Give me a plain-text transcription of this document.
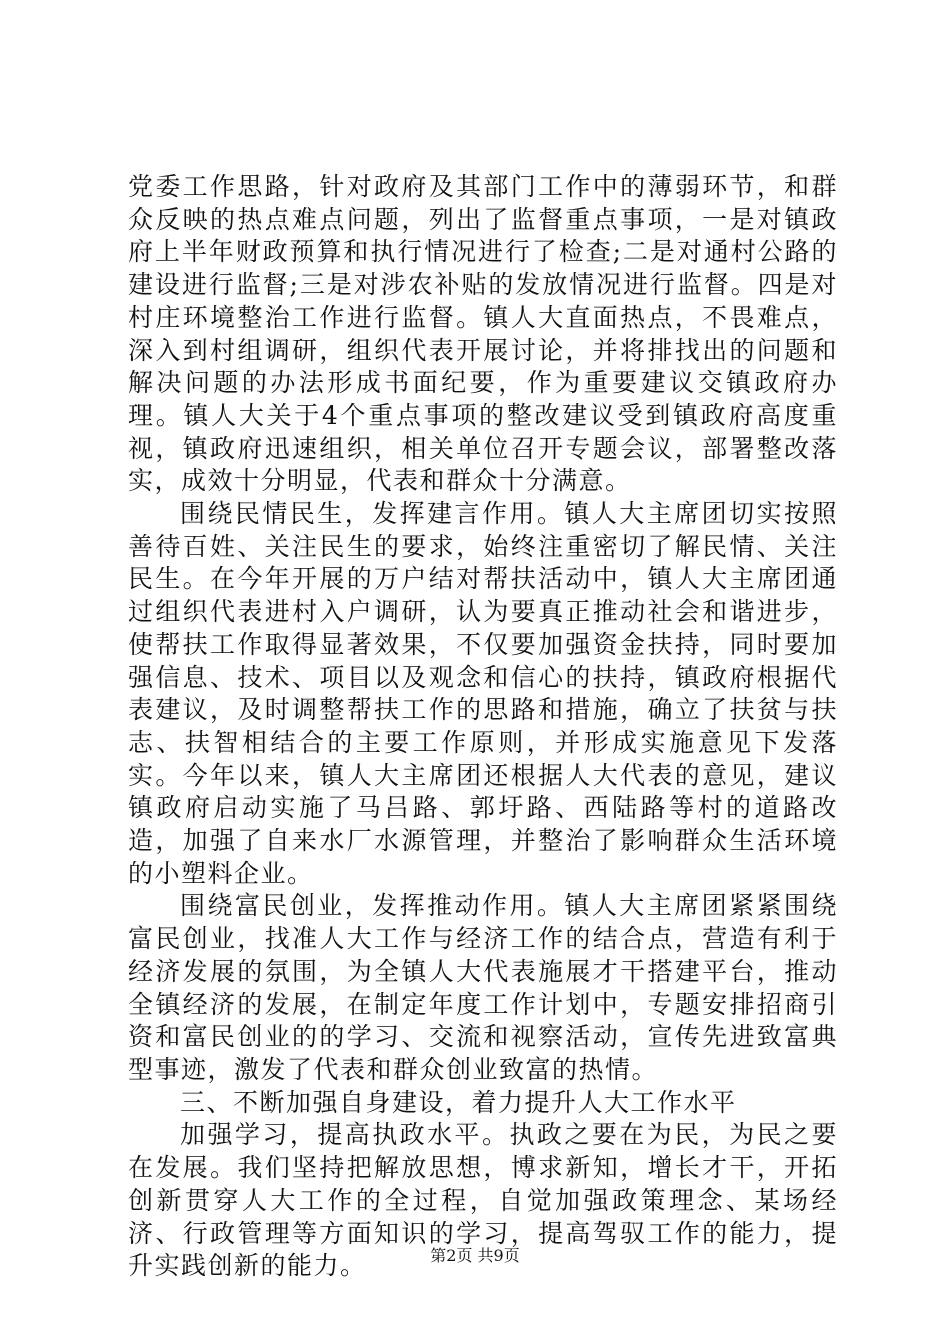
党委工作思路，针对政府及其部门工作中的薄弱环节，和群众反映的热点难点问题，列出了监督重点事项，一是对镇政府上半年财政预算和执行情况进行了检查;二是对通村公路的建设进行监督;三是对涉农补贴的发放情况进行监督。四是对村庄环境整治工作进行监督。镇人大直面热点，不畏难点，深入到村组调研，组织代表开展讨论，并将排找出的问题和解决问题的办法形成书面纪要，作为重要建议交镇政府办理。镇人大关于4个重点事项的整改建议受到镇政府高度重视，镇政府迅速组织，相关单位召开专题会议，部署整改落实，成效十分明显，代表和群众十分满意。

围绕民情民生，发挥建言作用。镇人大主席团切实按照善待百姓、关注民生的要求，始终注重密切了解民情、关注民生。在今年开展的万户结对帮扶活动中，镇人大主席团通过组织代表进村入户调研，认为要真正推动社会和谐进步，使帮扶工作取得显著效果，不仅要加强资金扶持，同时要加强信息、技术、项目以及观念和信心的扶持，镇政府根据代表建议，及时调整帮扶工作的思路和措施，确立了扶贫与扶志、扶智相结合的主要工作原则，并形成实施意见下发落实。今年以来，镇人大主席团还根据人大代表的意见，建议镇政府启动实施了马吕路、郭圩路、西陆路等村的道路改造，加强了自来水厂水源管理，并整治了影响群众生活环境的小塑料企业。

围绕富民创业，发挥推动作用。镇人大主席团紧紧围绕富民创业，找准人大工作与经济工作的结合点，营造有利于经济发展的氛围，为全镇人大代表施展才干搭建平台，推动全镇经济的发展，在制定年度工作计划中，专题安排招商引资和富民创业的的学习、交流和视察活动，宣传先进致富典型事迹，激发了代表和群众创业致富的热情。

三、不断加强自身建设，着力提升人大工作水平

加强学习，提高执政水平。执政之要在为民，为民之要在发展。我们坚持把解放思想，博求新知，增长才干，开拓创新贯穿人大工作的全过程，自觉加强政策理念、某场经济、行政管理等方面知识的学习，提高驾驭工作的能力，提升实践创新的能力。	第2页 共9页
